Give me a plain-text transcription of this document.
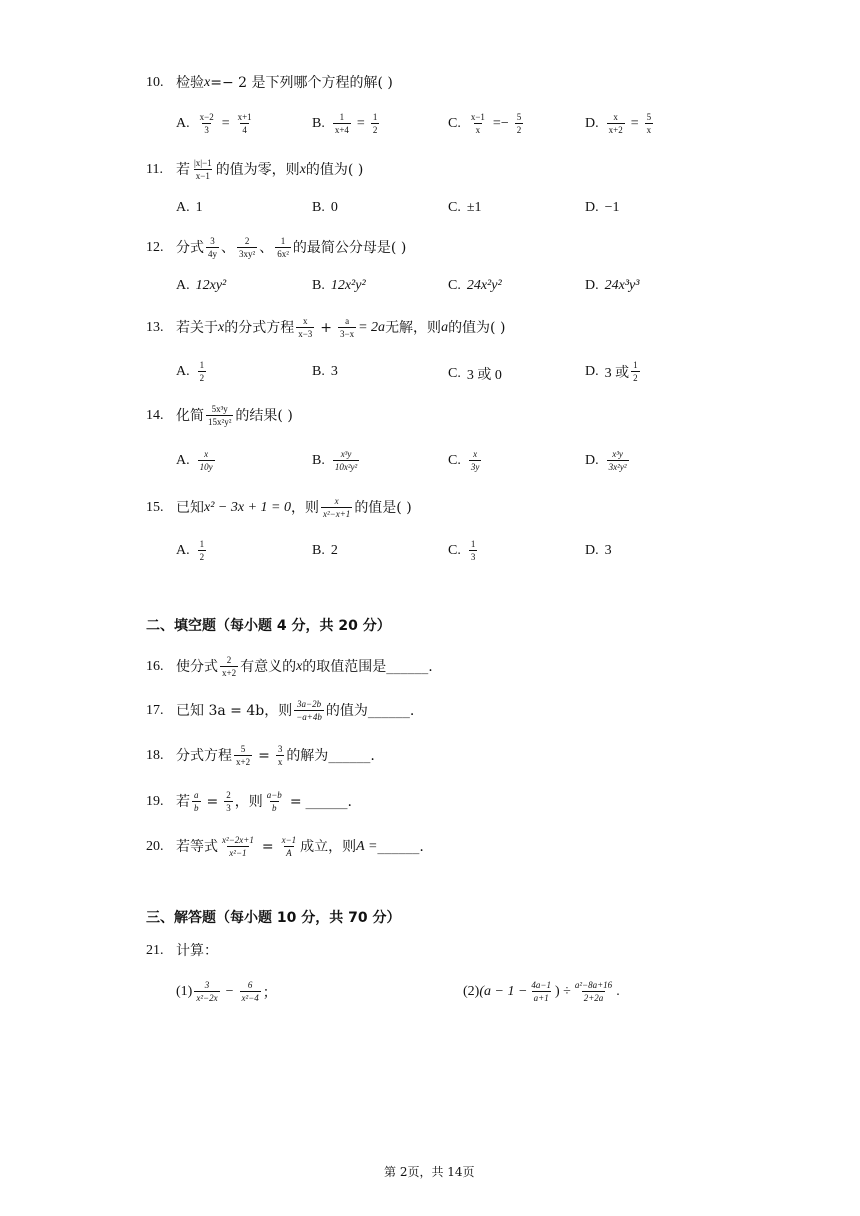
10. 检验 x =− 2 是下列哪个方程的解( )
A. $\frac{x-2}{3} = \frac{x+1}{4}$	B. $\frac{1}{x+4} = \frac{1}{2}$	C. $\frac{x-1}{x} =- \frac{5}{2}$	D. $\frac{x}{x+2} = \frac{5}{x}$
11. 若 $\frac{|x|-1}{x-1}$ 的值为零，则 x 的值为( )
A. 1	B. 0	C. ±1	D. −1
12. 分式 $\frac{3}{4y}$ 、 $\frac{2}{\text{3xy²}}$ 、 $\frac{1}{\text{6x²}}$ 的最简公分母是( )
A. 12xy²	B. 12x²y²	C. 24x²y²	D. 24x³y³
13. 若关于 x 的分式方程 $\frac{x}{x-3} + \frac{a}{3-x} = 2a$ 无解，则 a 的值为( )
A. $\frac{1}{2}$	B. 3	C. 3 或 0	D. 3 或 $\frac{1}{2}$
14. 化简 $\frac{\text{5x³y}}{\text{15x²y²}}$ 的结果( )
A. $\frac{x}{10y}$	B. $\frac{\text{x³y}}{\text{10x²y²}}$	C. $\frac{x}{3y}$	D. $\frac{\text{x³y}}{\text{3x²y²}}$
15. 已知 x² − 3x + 1 = 0 ，则 $\frac{x}{\text{x²−x+1}}$ 的值是( )
A. $\frac{1}{2}$	B. 2	C. $\frac{1}{3}$	D. 3
二、填空题（每小题 4 分，共 20 分）
16. 使分式 $\frac{2}{x+2}$ 有意义的 x 的取值范围是 ______ .
17. 已知 3a = 4b，则 $\frac{3a-2b}{-a+4b}$ 的值为 ______ .
18. 分式方程 $\frac{5}{x+2} = \frac{3}{x}$ 的解为 ______ .
19. 若 $\frac{a}{b} = \frac{2}{3}$ ，则 $\frac{a-b}{b}$ = ______ .
20. 若等式 $\frac{\text{x²−2x+1}}{\text{x²−1}} = \frac{x-1}{A}$ 成立，则 A = ______ .
三、解答题（每小题 10 分，共 70 分）
21. 计算：
$(1) \frac{3}{\text{x²−2x}} - \frac{6}{\text{x²−4}}$ ；	(2) ($a - 1 - \frac{4a-1}{a+1}$ ) ÷ $\frac{\text{a²−8a+16}}{2+2a}$ .
第 2页，共 14页
